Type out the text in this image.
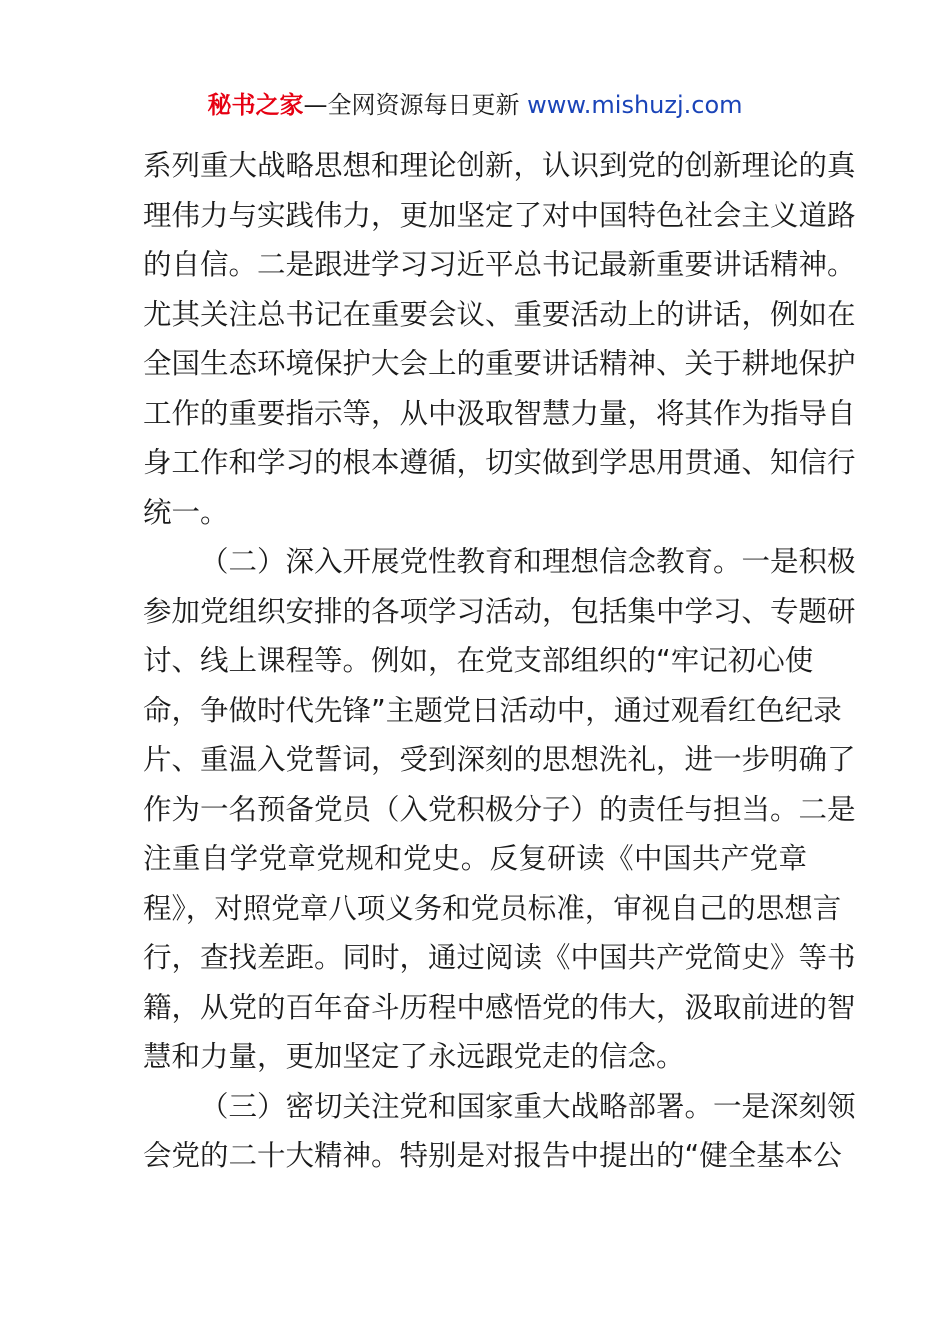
秘书之家—全网资源每日更新 www.mishuzj.com
系列重大战略思想和理论创新，认识到党的创新理论的真
理伟力与实践伟力，更加坚定了对中国特色社会主义道路
的自信。二是跟进学习习近平总书记最新重要讲话精神。
尤其关注总书记在重要会议、重要活动上的讲话，例如在
全国生态环境保护大会上的重要讲话精神、关于耕地保护
工作的重要指示等，从中汲取智慧力量，将其作为指导自
身工作和学习的根本遵循，切实做到学思用贯通、知信行
统一。
（二）深入开展党性教育和理想信念教育。一是积极
参加党组织安排的各项学习活动，包括集中学习、专题研
讨、线上课程等。例如，在党支部组织的“牢记初心使
命，争做时代先锋”主题党日活动中，通过观看红色纪录
片、重温入党誓词，受到深刻的思想洗礼，进一步明确了
作为一名预备党员（入党积极分子）的责任与担当。二是
注重自学党章党规和党史。反复研读《中国共产党章
程》，对照党章八项义务和党员标准，审视自己的思想言
行，查找差距。同时，通过阅读《中国共产党简史》等书
籍，从党的百年奋斗历程中感悟党的伟大，汲取前进的智
慧和力量，更加坚定了永远跟党走的信念。
（三）密切关注党和国家重大战略部署。一是深刻领
会党的二十大精神。特别是对报告中提出的“健全基本公
